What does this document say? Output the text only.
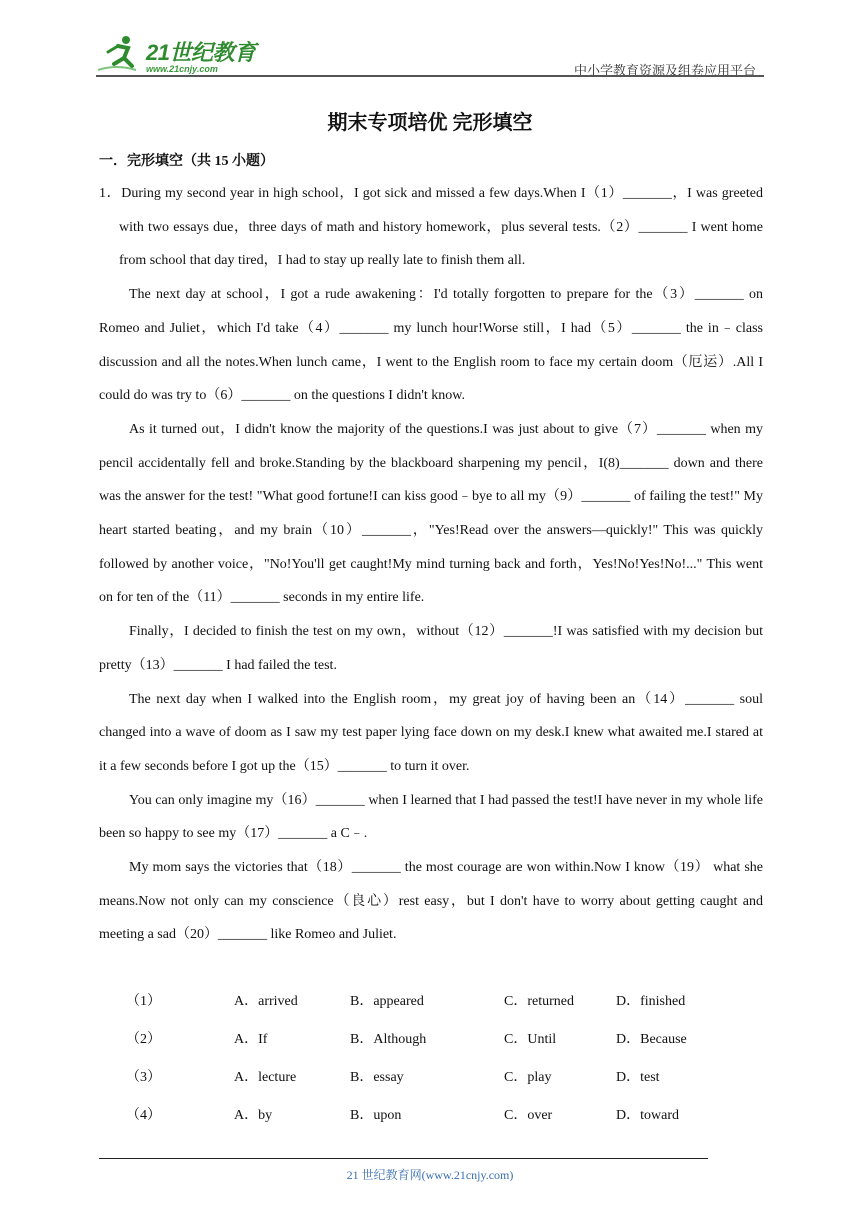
21世纪教育
www.21cnjy.com	中小学教育资源及组卷应用平台
期末专项培优 完形填空
一．完形填空（共 15 小题）

1．During my second year in high school，I got sick and missed a few days.When I（1）_______，I was greeted with two essays due，three days of math and history homework，plus several tests.（2）_______ I went home from school that day tired，I had to stay up really late to finish them all.

The next day at school，I got a rude awakening：I'd totally forgotten to prepare for the（3）_______ on Romeo and Juliet，which I'd take（4）_______ my lunch hour!Worse still，I had（5）_______ the in﹣class discussion and all the notes.When lunch came，I went to the English room to face my certain doom（厄运）.All I could do was try to（6）_______ on the questions I didn't know.

As it turned out，I didn't know the majority of the questions.I was just about to give（7）_______ when my pencil accidentally fell and broke.Standing by the blackboard sharpening my pencil，I(8)_______ down and there was the answer for the test! "What good fortune!I can kiss good﹣bye to all my（9）_______ of failing the test!" My heart started beating，and my brain（10）_______，"Yes!Read over the answers—quickly!" This was quickly followed by another voice，"No!You'll get caught!My mind turning back and forth，Yes!No!Yes!No!..." This went on for ten of the（11）_______ seconds in my entire life.

Finally，I decided to finish the test on my own，without（12）_______!I was satisfied with my decision but pretty（13）_______ I had failed the test.

The next day when I walked into the English room，my great joy of having been an（14）_______ soul changed into a wave of doom as I saw my test paper lying face down on my desk.I knew what awaited me.I stared at it a few seconds before I got up the（15）_______ to turn it over.

You can only imagine my（16）_______ when I learned that I had passed the test!I have never in my whole life been so happy to see my（17）_______ a C﹣.

My mom says the victories that（18）_______ the most courage are won within.Now I know（19） what she means.Now not only can my conscience（良心）rest easy，but I don't have to worry about getting caught and meeting a sad（20）_______ like Romeo and Juliet.

（1）	A．arrived	B．appeared	C．returned	D．finished
（2）	A．If	B．Although	C．Until	D．Because
（3）	A．lecture	B．essay	C．play	D．test
（4）	A．by	B．upon	C．over	D．toward
21 世纪教育网(www.21cnjy.com)
